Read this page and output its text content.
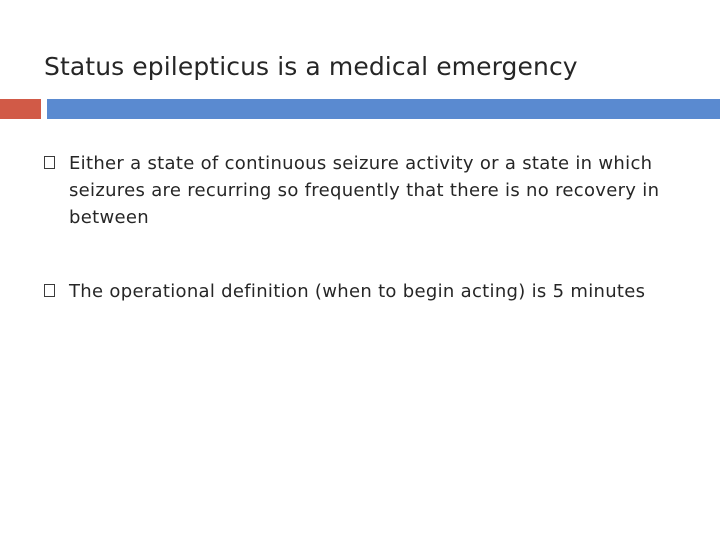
Status epilepticus is a medical emergency
Either a state of continuous seizure activity or a state in which seizures are recurring so frequently that there is no recovery in between
The operational definition (when to begin acting) is 5 minutes
